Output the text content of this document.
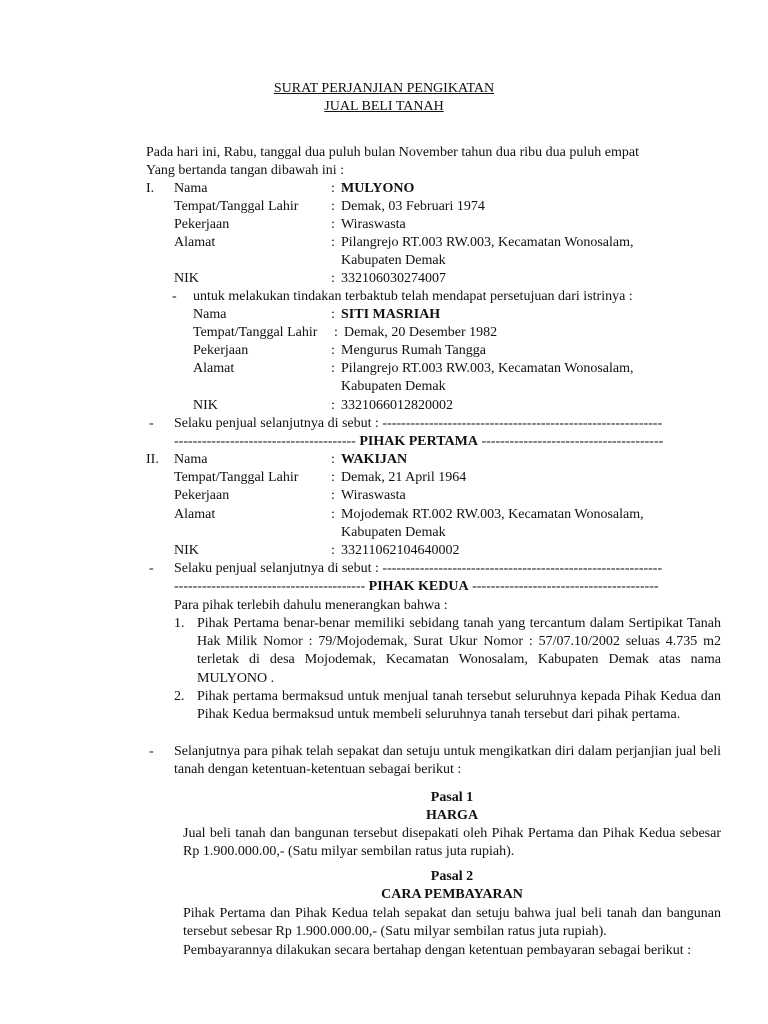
SURAT PERJANJIAN PENGIKATAN
JUAL BELI TANAH
Pada hari ini, Rabu, tanggal dua puluh bulan November tahun dua ribu dua puluh empat
Yang bertanda tangan dibawah ini :
I. Nama	: MULYONO
Tempat/Tanggal Lahir : Demak, 03 Februari 1974
Pekerjaan	: Wiraswasta
Alamat	: Pilangrejo RT.003 RW.003, Kecamatan Wonosalam,
Kabupaten Demak
NIK	: 332106030274007
- untuk melakukan tindakan terbaktub telah mendapat persetujuan dari istrinya :
Nama	: SITI MASRIAH
Tempat/Tanggal Lahir : Demak, 20 Desember 1982
Pekerjaan	: Mengurus Rumah Tangga
Alamat	: Pilangrejo RT.003 RW.003, Kecamatan Wonosalam,
Kabupaten Demak
NIK	: 3321066012820002
- Selaku penjual selanjutnya di sebut : ------------------------------------------------------------
--------------------------------------- PIHAK PERTAMA ---------------------------------------
II. Nama	: WAKIJAN
Tempat/Tanggal Lahir : Demak, 21 April 1964
Pekerjaan	: Wiraswasta
Alamat	: Mojodemak RT.002 RW.003, Kecamatan Wonosalam,
Kabupaten Demak
NIK	: 33211062104640002
- Selaku penjual selanjutnya di sebut : ------------------------------------------------------------
----------------------------------------- PIHAK KEDUA ----------------------------------------
Para pihak terlebih dahulu menerangkan bahwa :
1. Pihak Pertama benar-benar memiliki sebidang tanah yang tercantum dalam Sertipikat Tanah Hak Milik Nomor : 79/Mojodemak, Surat Ukur Nomor : 57/07.10/2002 seluas 4.735 m2 terletak di desa Mojodemak, Kecamatan Wonosalam, Kabupaten Demak atas nama MULYONO .
2. Pihak pertama bermaksud untuk menjual tanah tersebut seluruhnya kepada Pihak Kedua dan Pihak Kedua bermaksud untuk membeli seluruhnya tanah tersebut dari pihak pertama.
- Selanjutnya para pihak telah sepakat dan setuju untuk mengikatkan diri dalam perjanjian jual beli tanah dengan ketentuan-ketentuan sebagai berikut :
Pasal 1
HARGA
Jual beli tanah dan bangunan tersebut disepakati oleh Pihak Pertama dan Pihak Kedua sebesar Rp 1.900.000.00,- (Satu milyar sembilan ratus juta rupiah).
Pasal 2
CARA PEMBAYARAN
Pihak Pertama dan Pihak Kedua telah sepakat dan setuju bahwa jual beli tanah dan bangunan tersebut sebesar Rp 1.900.000.00,- (Satu milyar sembilan ratus juta rupiah).
Pembayarannya dilakukan secara bertahap dengan ketentuan pembayaran sebagai berikut :
